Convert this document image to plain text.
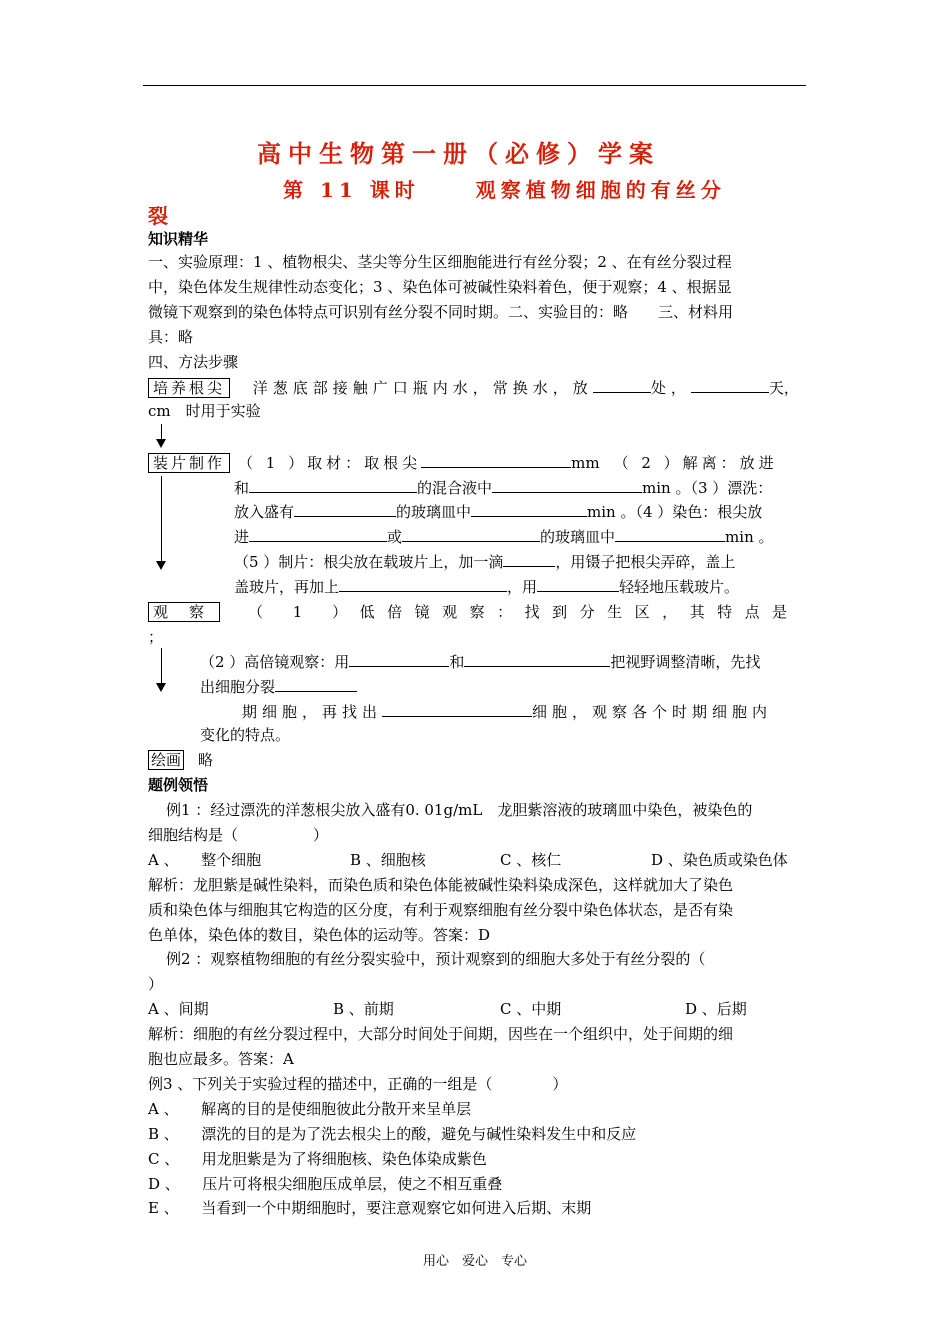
高中生物第一册（必修）学案
第 11 课时	观察植物细胞的有丝分
裂
知识精华
一、实验原理：1 、植物根尖、茎尖等分生区细胞能进行有丝分裂；2 、在有丝分裂过程
中，染色体发生规律性动态变化；3 、染色体可被碱性染料着色，便于观察；4 、根据显
微镜下观察到的染色体特点可识别有丝分裂不同时期。二、实验目的：略　　三、材料用
具：略
四、方法步骤
培养根尖 洋葱底部接触广口瓶内水，常换水，放	处，	天，
cm　时用于实验
装片制作 （ 1 ）取材：取根尖	mm （ 2 ）解离：放进
和	的混合液中	min 。（3 ）漂洗：
放入盛有	的玻璃皿中	min 。（4 ）染色：根尖放
进	或	的玻璃皿中	min 。
（5 ）制片：根尖放在载玻片上，加一滴	，用镊子把根尖弄碎，盖上
盖玻片，再加上	，用	轻轻地压载玻片。
观　察	（ 1 ）低倍镜观察：找到分生区，其特点是
；
（2 ）高倍镜观察：用	和	把视野调整清晰，先找
出细胞分裂
期细胞，再找出	细胞，观察各个时期细胞内
变化的特点。
绘画 略
题例领悟
例1 ：经过漂洗的洋葱根尖放入盛有0. 01g/mL　龙胆紫溶液的玻璃皿中染色，被染色的
细胞结构是（　　　　　）
A 、　　整个细胞	B 、细胞核	C 、核仁	D 、染色质或染色体
解析：龙胆紫是碱性染料，而染色质和染色体能被碱性染料染成深色，这样就加大了染色
质和染色体与细胞其它构造的区分度，有利于观察细胞有丝分裂中染色体状态，是否有染
色单体，染色体的数目，染色体的运动等。答案：D
例2 ：观察植物细胞的有丝分裂实验中，预计观察到的细胞大多处于有丝分裂的（
）
A 、间期	B 、前期	C 、中期	D 、后期
解析：细胞的有丝分裂过程中，大部分时间处于间期，因些在一个组织中，处于间期的细
胞也应最多。答案：A
例3 、下列关于实验过程的描述中，正确的一组是（　　　　）
A 、　　解离的目的是使细胞彼此分散开来呈单层
B 、　　漂洗的目的是为了洗去根尖上的酸，避免与碱性染料发生中和反应
C 、　　用龙胆紫是为了将细胞核、染色体染成紫色
D 、　　压片可将根尖细胞压成单层，使之不相互重叠
E 、　　当看到一个中期细胞时，要注意观察它如何进入后期、末期
用心　爱心　专心
